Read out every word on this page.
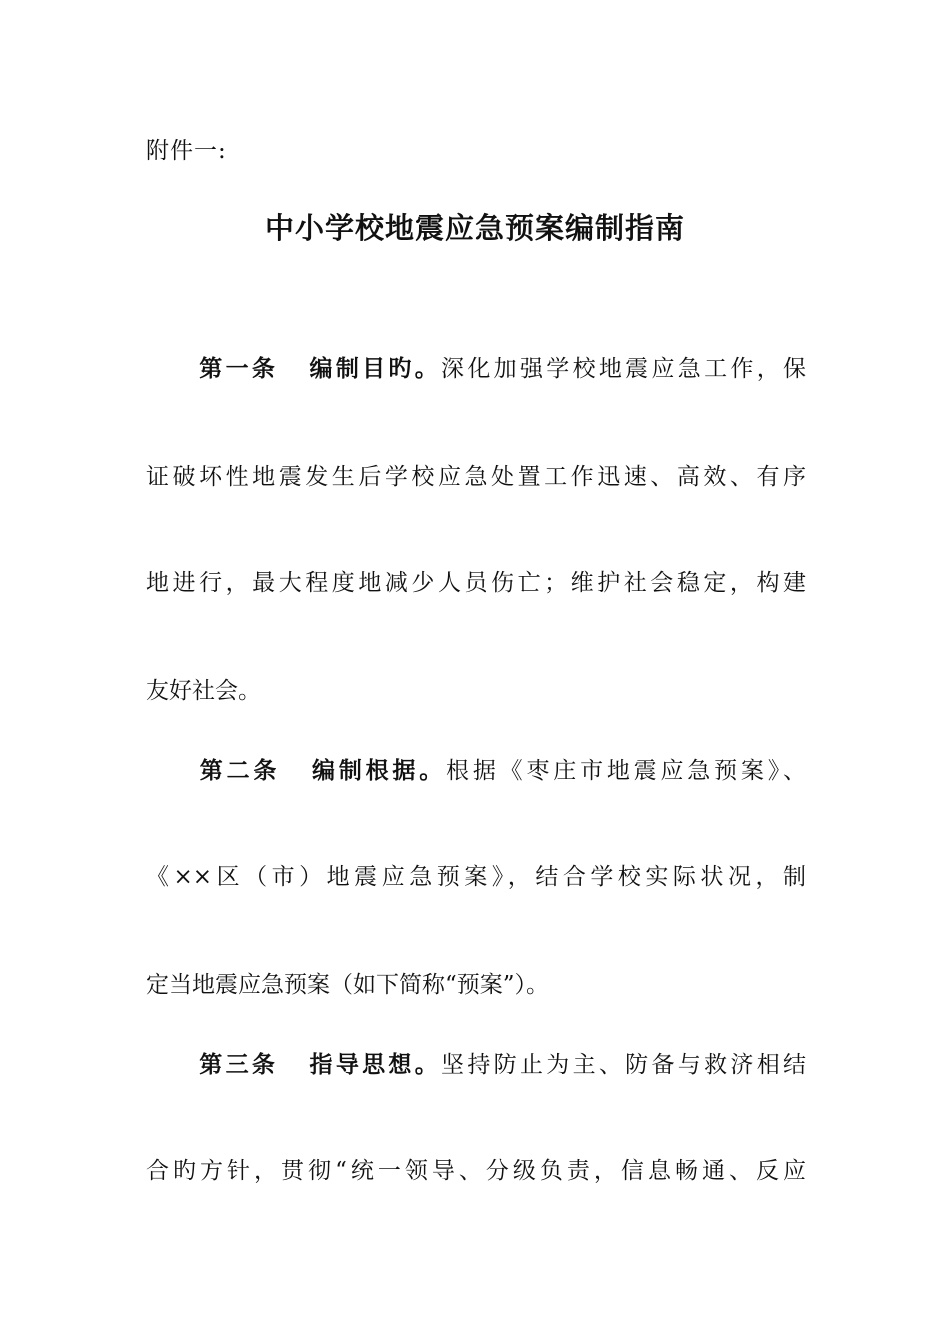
附件一:
中小学校地震应急预案编制指南
第一条 编制目旳。深化加强学校地震应急工作，保
证破坏性地震发生后学校应急处置工作迅速、高效、有序
地进行，最大程度地减少人员伤亡；维护社会稳定，构建
友好社会。
第二条 编制根据。根据《枣庄市地震应急预案》、
《××区（市）地震应急预案》，结合学校实际状况，制
定当地震应急预案（如下简称“预案”）。
第三条 指导思想。坚持防止为主、防备与救济相结
合旳方针，贯彻“统一领导、分级负责，信息畅通、反应
